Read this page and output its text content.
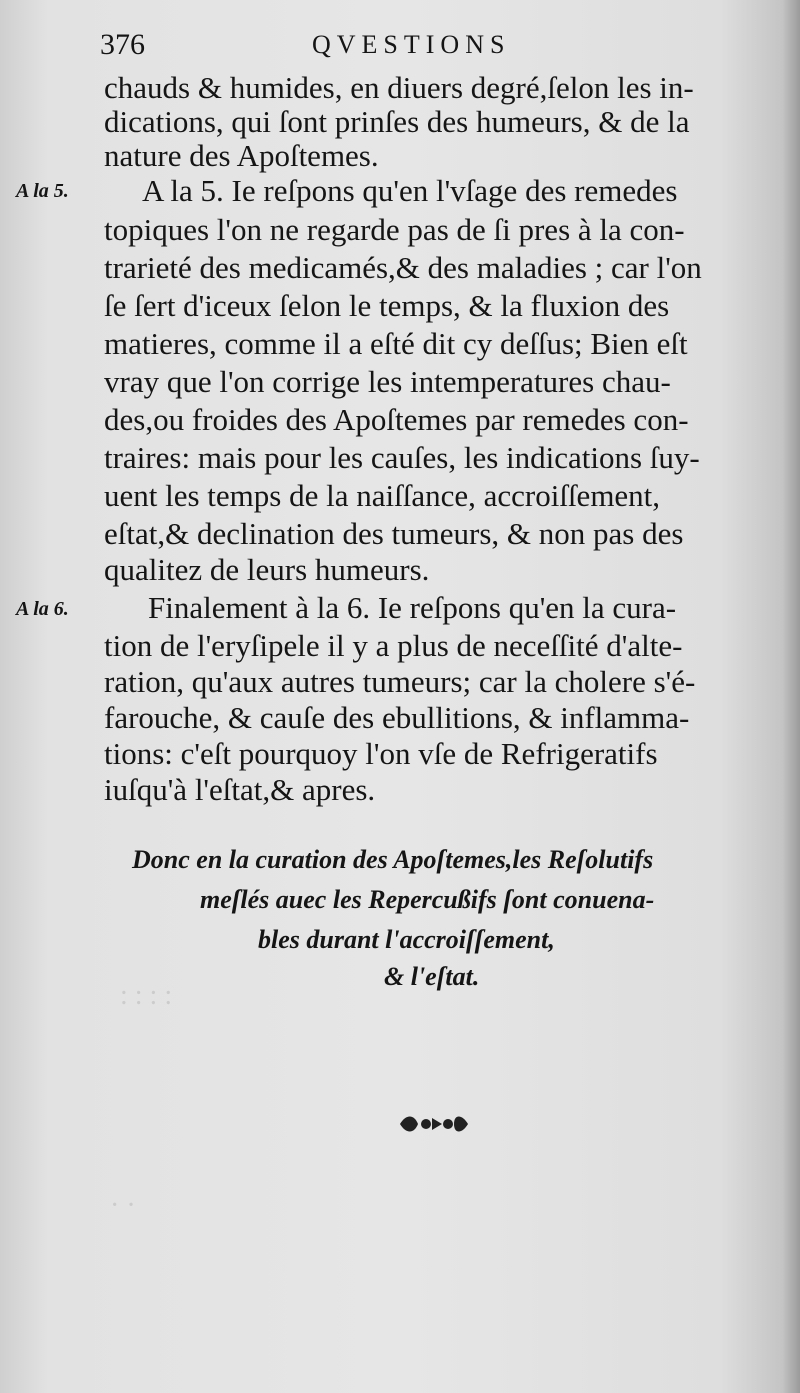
: : : :
· ·
376	QVESTIONS
A la 5.
A la 6.
chauds & humides, en diuers degré,ſelon les in-
dications, qui ſont prinſes des humeurs, & de la
nature des Apoſtemes.
A la 5. Ie reſpons qu'en l'vſage des remedes
topiques l'on ne regarde pas de ſi pres à la con-
trarieté des medicamés,& des maladies ; car l'on
ſe ſert d'iceux ſelon le temps, & la fluxion des
matieres, comme il a eſté dit cy deſſus; Bien eſt
vray que l'on corrige les intemperatures chau-
des,ou froides des Apoſtemes par remedes con-
traires: mais pour les cauſes, les indications ſuy-
uent les temps de la naiſſance, accroiſſement,
eſtat,& declination des tumeurs, & non pas des
qualitez de leurs humeurs.
Finalement à la 6. Ie reſpons qu'en la cura-
tion de l'eryſipele il y a plus de neceſſité d'alte-
ration, qu'aux autres tumeurs; car la cholere s'é-
farouche, & cauſe des ebullitions, & inflamma-
tions: c'eſt pourquoy l'on vſe de Refrigeratifs
iuſqu'à l'eſtat,& apres.
Donc en la curation des Apoſtemes,les Reſolutifs
meſlés auec les Repercußifs ſont conuena-
bles durant l'accroiſſement,
& l'eſtat.
